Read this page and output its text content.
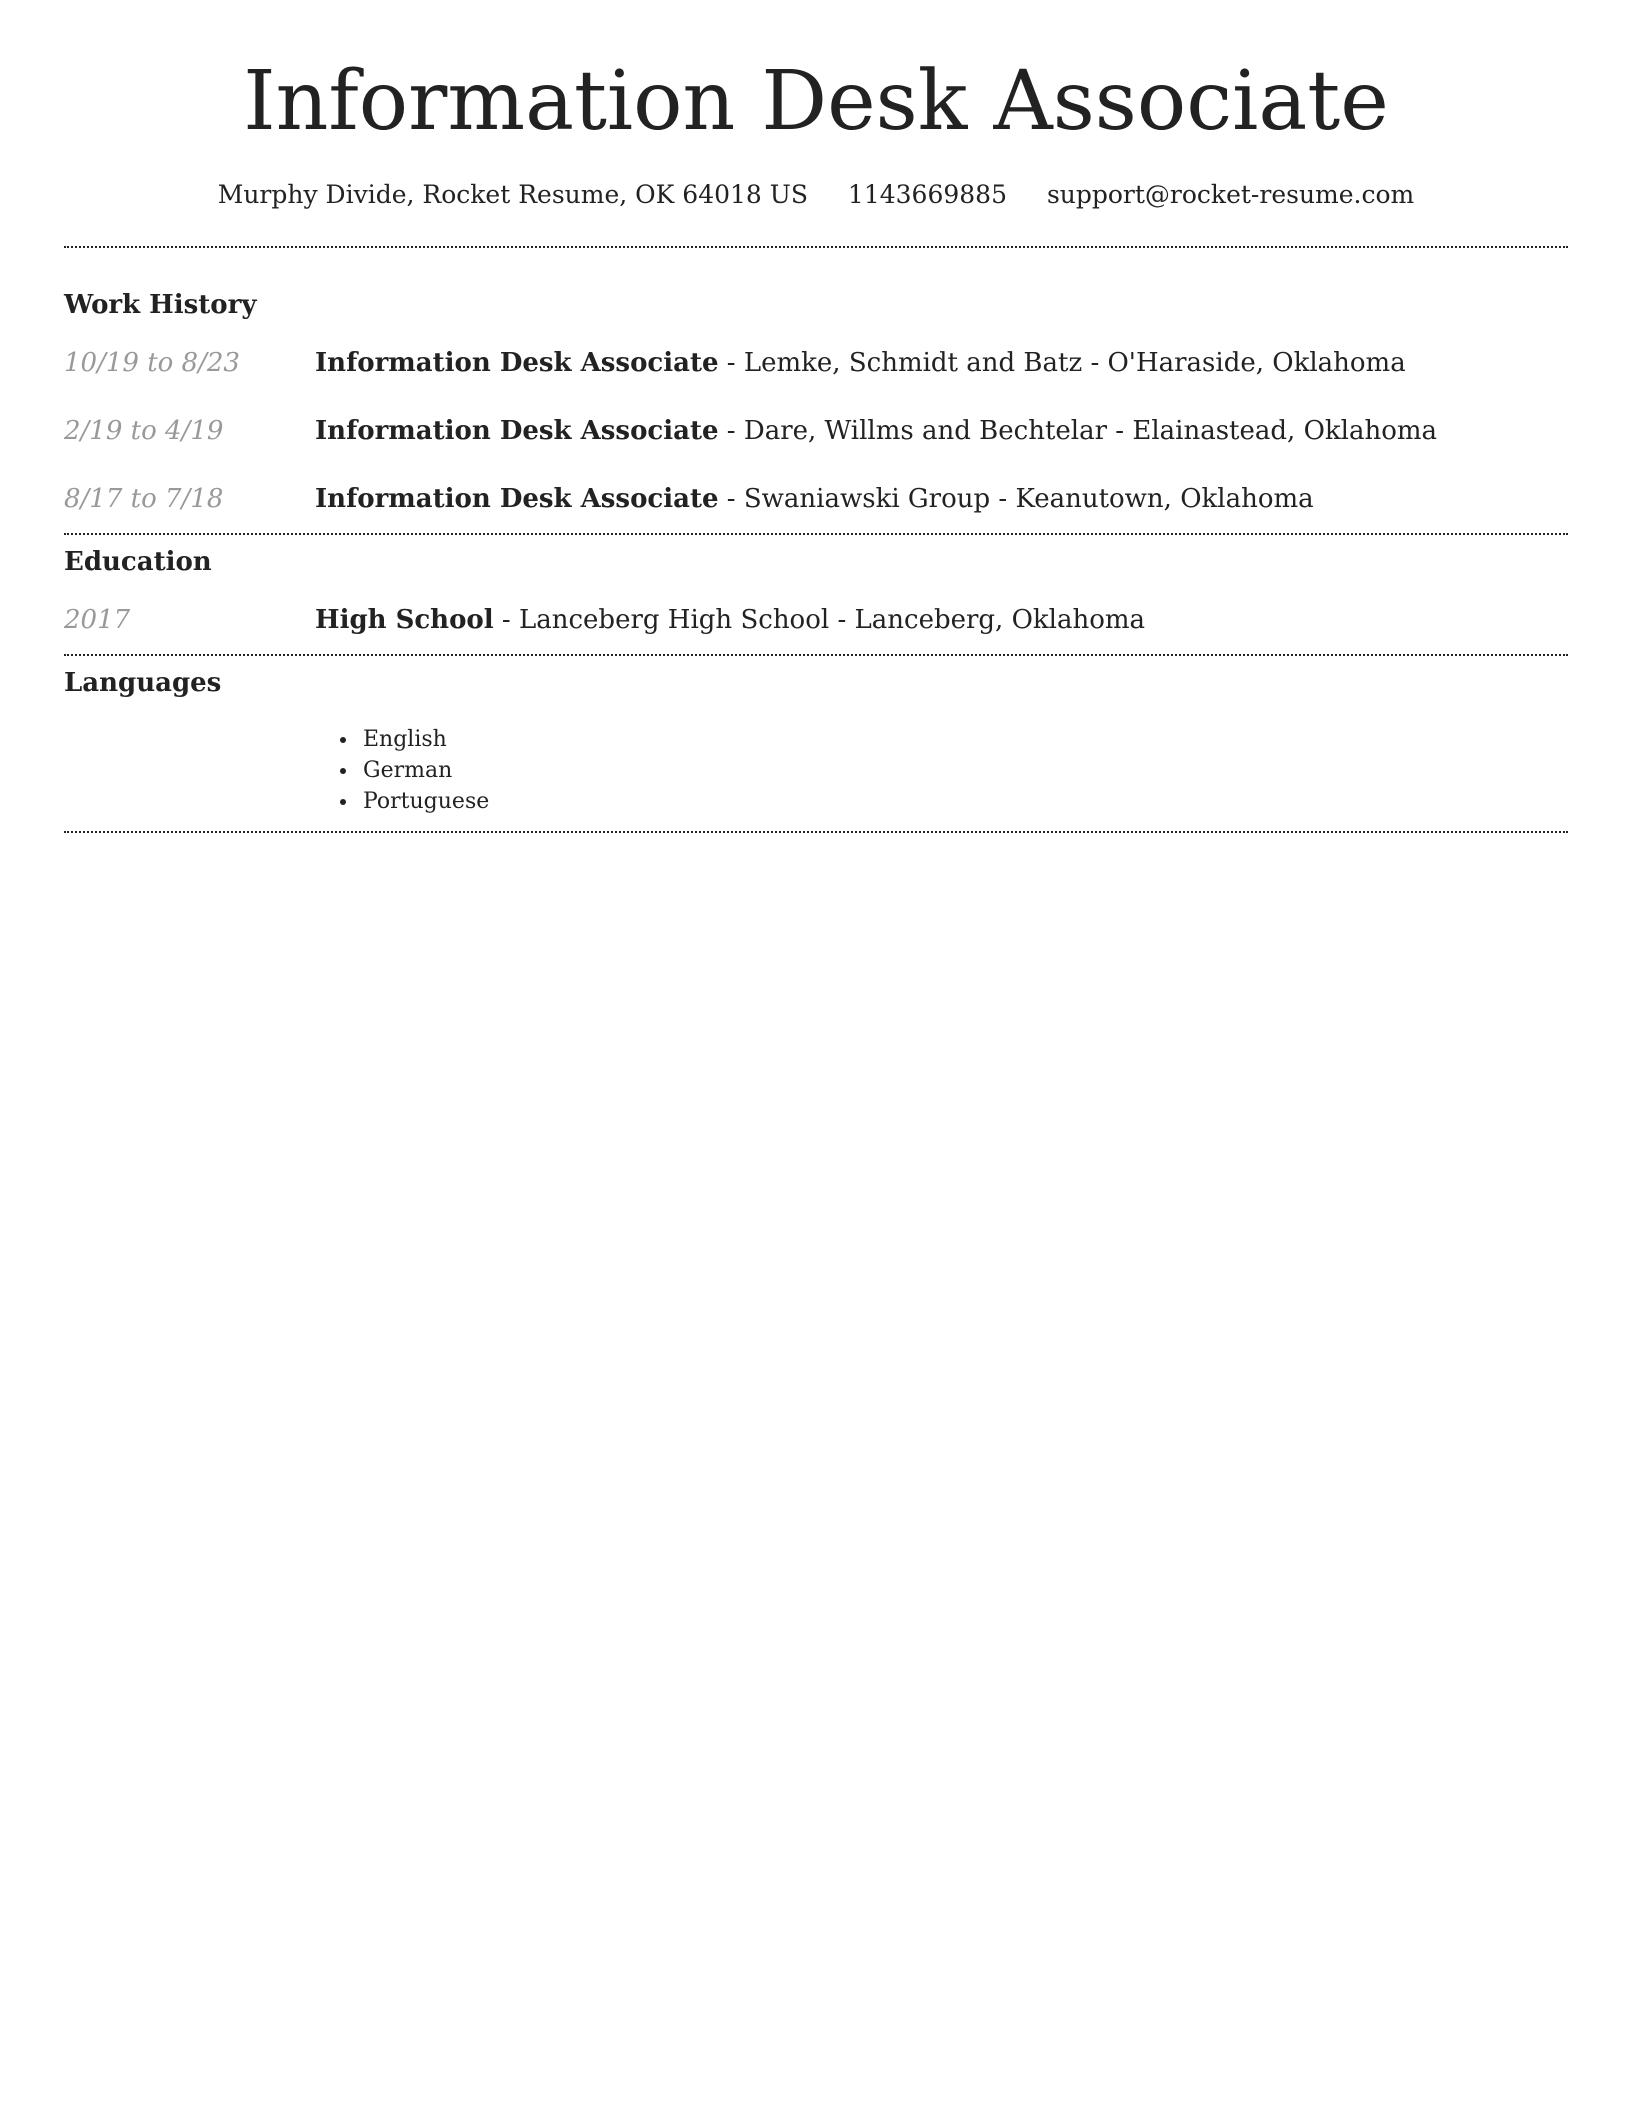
Information Desk Associate
Murphy Divide, Rocket Resume, OK 64018 US 1143669885 support@rocket-resume.com
Work History
10/19 to 8/23	Information Desk Associate - Lemke, Schmidt and Batz - O'Haraside, Oklahoma
2/19 to 4/19	Information Desk Associate - Dare, Willms and Bechtelar - Elainastead, Oklahoma
8/17 to 7/18	Information Desk Associate - Swaniawski Group - Keanutown, Oklahoma
Education
2017	High School - Lanceberg High School - Lanceberg, Oklahoma
Languages
• English
• German
• Portuguese
